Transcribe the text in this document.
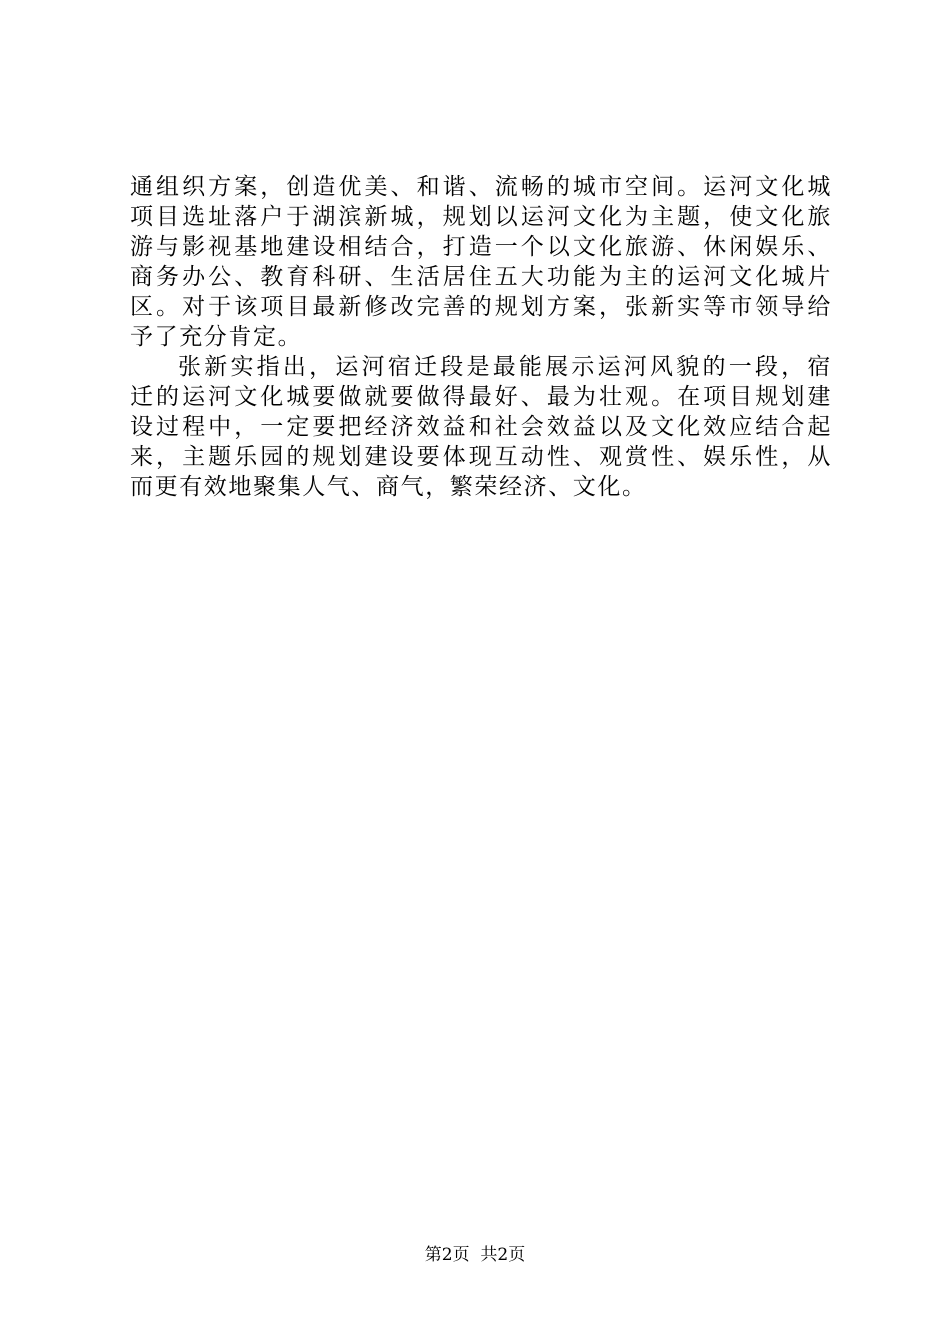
通组织方案，创造优美、和谐、流畅的城市空间。运河文化城
项目选址落户于湖滨新城，规划以运河文化为主题，使文化旅
游与影视基地建设相结合，打造一个以文化旅游、休闲娱乐、
商务办公、教育科研、生活居住五大功能为主的运河文化城片
区。对于该项目最新修改完善的规划方案，张新实等市领导给
予了充分肯定。
张新实指出，运河宿迁段是最能展示运河风貌的一段，宿
迁的运河文化城要做就要做得最好、最为壮观。在项目规划建
设过程中，一定要把经济效益和社会效益以及文化效应结合起
来，主题乐园的规划建设要体现互动性、观赏性、娱乐性，从
而更有效地聚集人气、商气，繁荣经济、文化。
第2页  共2页
